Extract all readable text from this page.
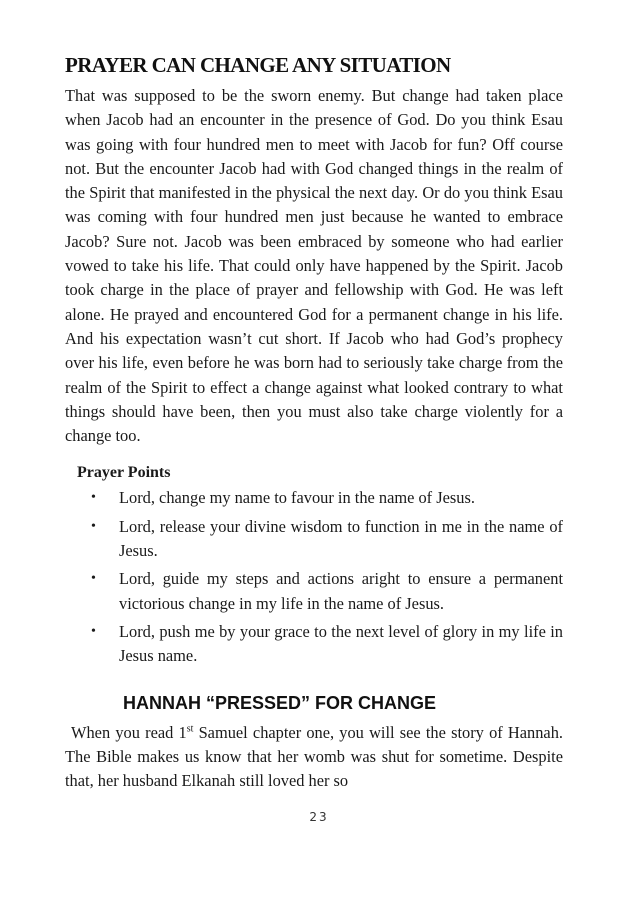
PRAYER CAN CHANGE ANY SITUATION

That was supposed to be the sworn enemy. But change had taken place when Jacob had an encounter in the presence of God. Do you think Esau was going with four hundred men to meet with Jacob for fun? Off course not. But the encounter Jacob had with God changed things in the realm of the Spirit that manifested in the physical the next day. Or do you think Esau was coming with four hundred men just because he wanted to embrace Jacob? Sure not. Jacob was been embraced by someone who had earlier vowed to take his life. That could only have happened by the Spirit. Jacob took charge in the place of prayer and fellowship with God. He was left alone. He prayed and encountered God for a permanent change in his life. And his expectation wasn’t cut short. If Jacob who had God’s prophecy over his life, even before he was born had to seriously take charge from the realm of the Spirit to effect a change against what looked contrary to what things should have been, then you must also take charge violently for a change too.

Prayer Points
• Lord, change my name to favour in the name of Jesus.
• Lord, release your divine wisdom to function in me in the name of Jesus.
• Lord, guide my steps and actions aright to ensure a permanent victorious change in my life in the name of Jesus.
• Lord, push me by your grace to the next level of glory in my life in Jesus name.
HANNAH “PRESSED” FOR CHANGE

When you read 1st Samuel chapter one, you will see the story of Hannah. The Bible makes us know that her womb was shut for sometime. Despite that, her husband Elkanah still loved her so

23
